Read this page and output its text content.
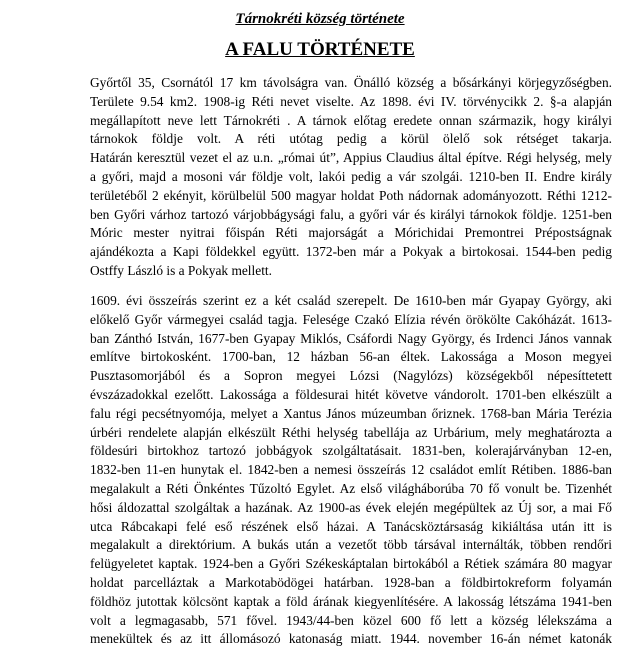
Tárnokréti község története
A FALU TÖRTÉNETE
Győrtől 35, Csornától 17 km távolságra van. Önálló község a bősárkányi körjegyzőségben.
Területe 9.54 km2. 1908-ig Réti nevet viselte. Az 1898. évi IV. törvénycikk 2. §-a alapján
megállapított neve lett Tárnokréti . A tárnok előtag eredete onnan származik, hogy királyi
tárnokok földje volt. A réti utótag pedig a körül ölelő sok rétséget takarja.
Határán keresztül vezet el az u.n. „római út”, Appius Claudius által építve. Régi helység, mely
a győri, majd a mosoni vár földje volt, lakói pedig a vár szolgái. 1210-ben II. Endre király
területéből 2 ekényit, körülbelül 500 magyar holdat Poth nádornak adományozott. Réthi 1212-
ben Győri várhoz tartozó várjobbágysági falu, a győri vár és királyi tárnokok földje. 1251-ben
Móric mester nyitrai főispán Réti majorságát a Mórichidai Premontrei Prépostságnak
ajándékozta a Kapi földekkel együtt. 1372-ben már a Pokyak a birtokosai. 1544-ben pedig
Ostffy László is a Pokyak mellett.
1609. évi összeírás szerint ez a két család szerepelt. De 1610-ben már Gyapay György, aki
előkelő Győr vármegyei család tagja. Felesége Czakó Elízia révén örökölte Cakóházát. 1613-
ban Zánthó István, 1677-ben Gyapay Miklós, Csáfordi Nagy György, és Irdenci János vannak
említve birtokosként. 1700-ban, 12 házban 56-an éltek. Lakossága a Moson megyei
Pusztasomorjából és a Sopron megyei Lózsi (Nagylózs) községekből népesíttetett
évszázadokkal ezelőtt. Lakossága a földesurai hitét követve vándorolt. 1701-ben elkészült a
falu régi pecsétnyomója, melyet a Xantus János múzeumban őriznek. 1768-ban Mária Terézia
úrbéri rendelete alapján elkészült Réthi helység tabellája az Urbárium, mely meghatározta a
földesúri birtokhoz tartozó jobbágyok szolgáltatásait. 1831-ben, kolerajárványban 12-en,
1832-ben 11-en hunytak el. 1842-ben a nemesi összeírás 12 családot említ Rétiben. 1886-ban
megalakult a Réti Önkéntes Tűzoltó Egylet. Az első világháborúba 70 fő vonult be. Tizenhét
hősi áldozattal szolgáltak a hazának. Az 1900-as évek elején megépültek az Új sor, a mai Fő
utca Rábcakapi felé eső részének első házai. A Tanácsköztársaság kikiáltása után itt is
megalakult a direktórium. A bukás után a vezetőt több társával internálták, többen rendőri
felügyeletet kaptak. 1924-ben a Győri Székeskáptalan birtokából a Rétiek számára 80 magyar
holdat parcelláztak a Markotabödögei határban. 1928-ban a földbirtokreform folyamán
földhöz jutottak kölcsönt kaptak a föld árának kiegyenlítésére. A lakosság létszáma 1941-ben
volt a legmagasabb, 571 fővel. 1943/44-ben közel 600 fő lett a község lélekszáma a
menekültek és az itt állomásozó katonaság miatt. 1944. november 16-án német katonák
